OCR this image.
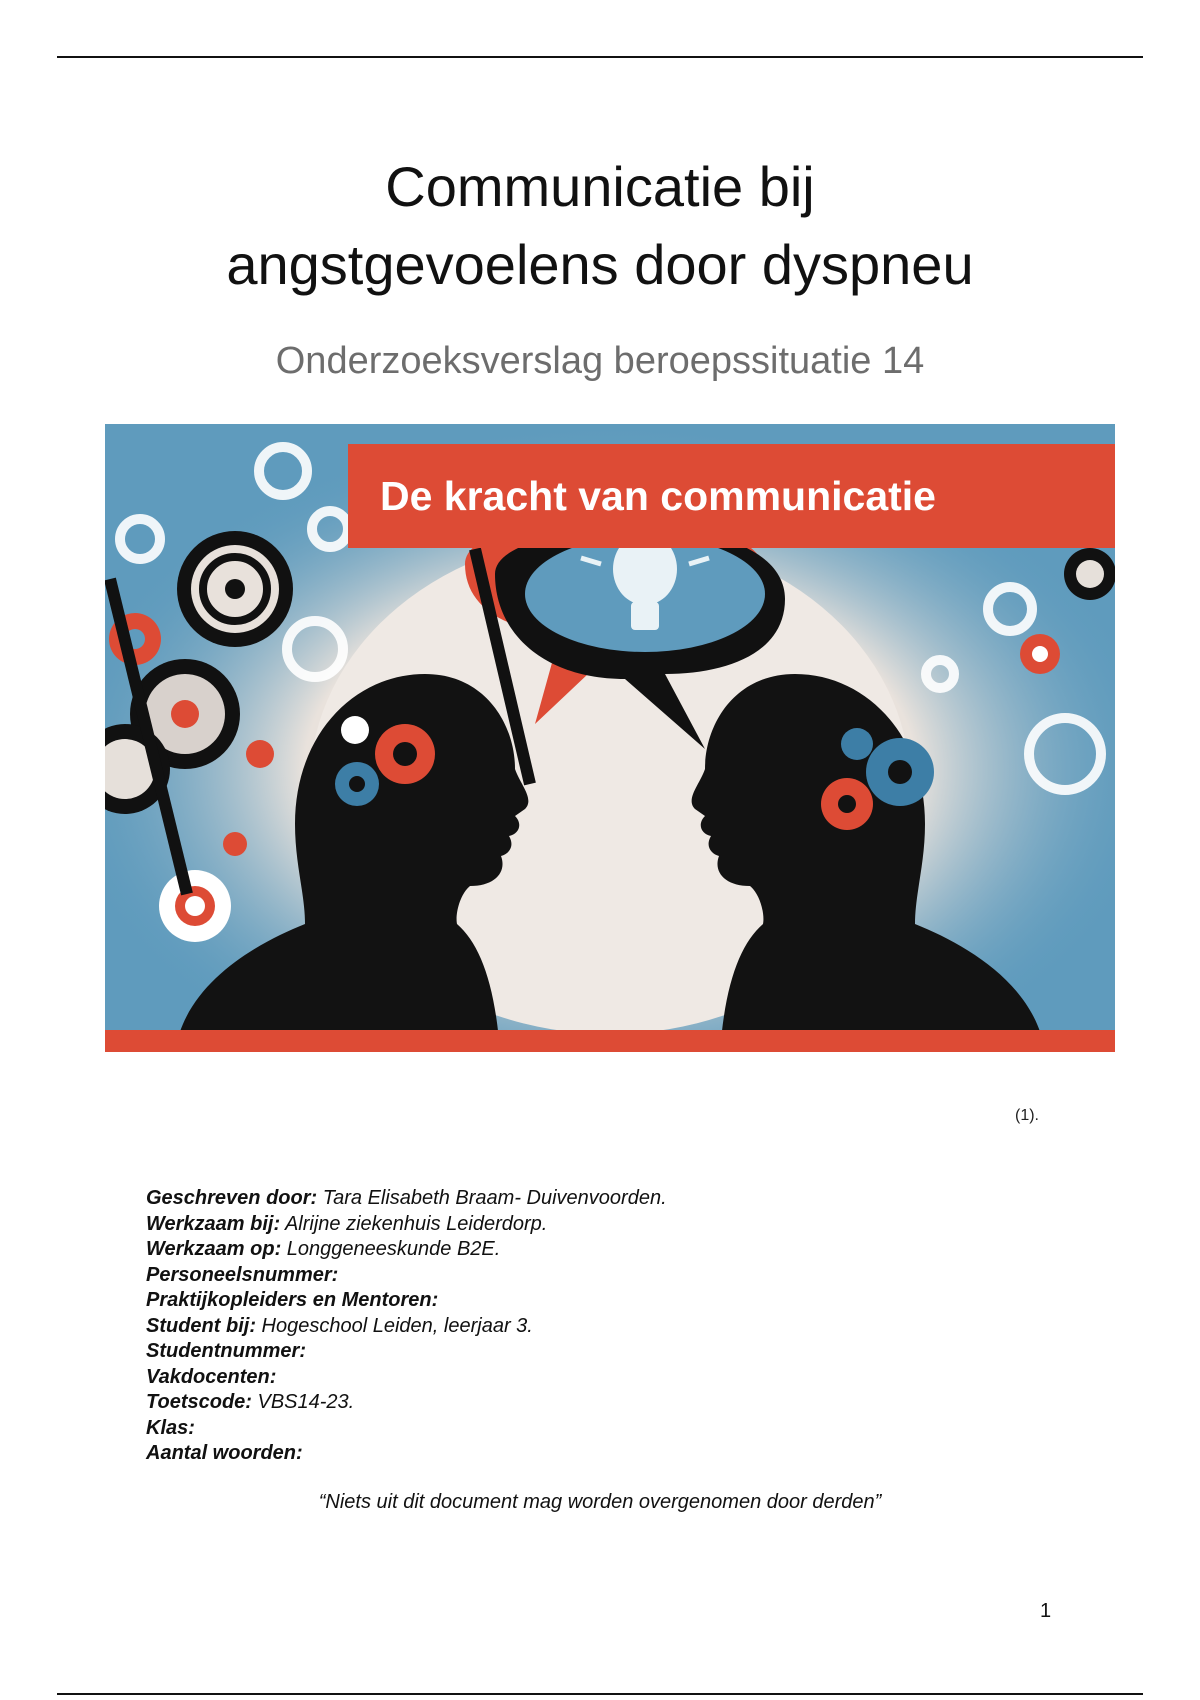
Communicatie bij
angstgevoelens door dyspneu
Onderzoeksverslag beroepssituatie 14
De kracht van communicatie
(1).
Geschreven door: Tara Elisabeth Braam- Duivenvoorden.
Werkzaam bij: Alrijne ziekenhuis Leiderdorp.
Werkzaam op: Longgeneeskunde B2E.
Personeelsnummer:
Praktijkopleiders en Mentoren:
Student bij: Hogeschool Leiden, leerjaar 3.
Studentnummer:
Vakdocenten:
Toetscode: VBS14-23.
Klas:
Aantal woorden:
“Niets uit dit document mag worden overgenomen door derden”
1
